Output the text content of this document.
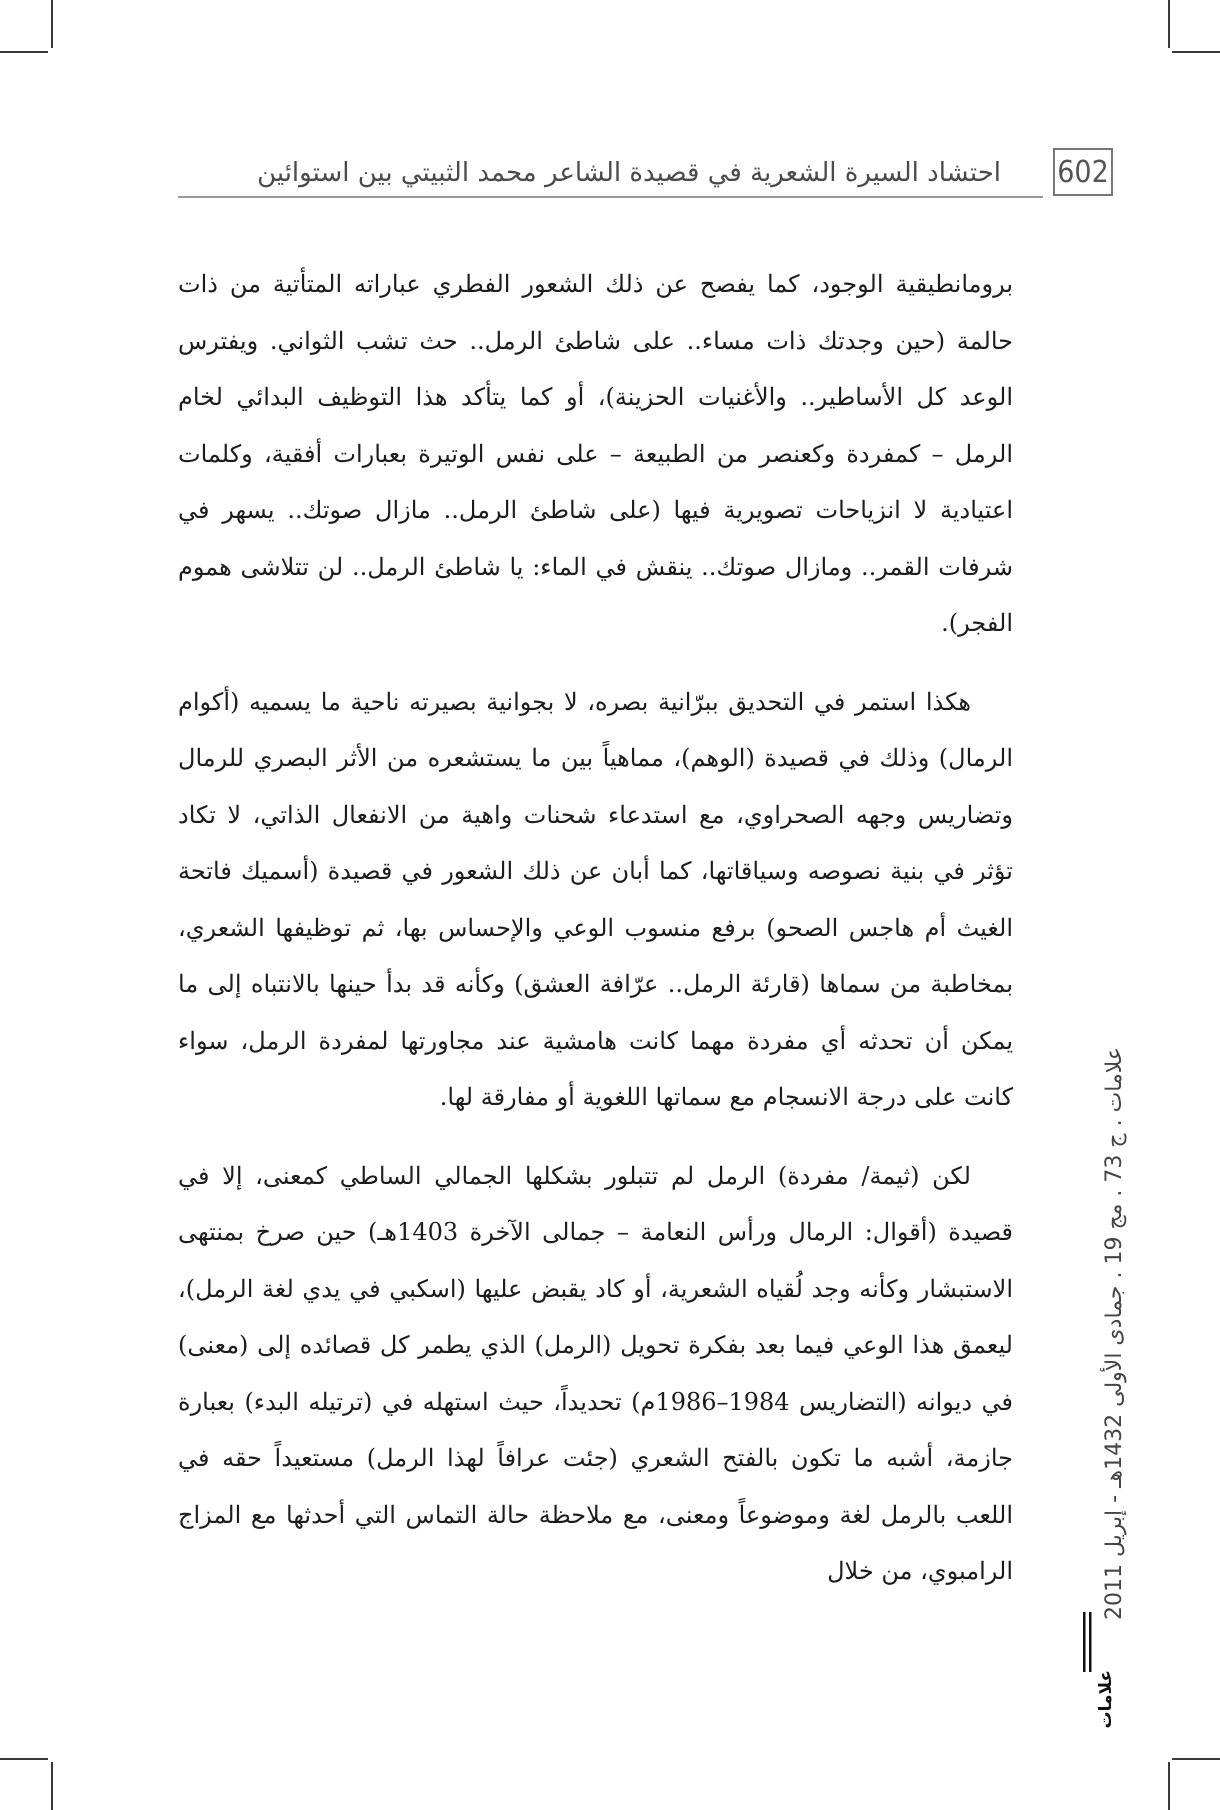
احتشاد السيرة الشعرية في قصيدة الشاعر محمد الثبيتي بين استوائين 602

برومانطيقية الوجود، كما يفصح عن ذلك الشعور الفطري عباراته المتأتية من ذات حالمة (حين وجدتك ذات مساء.. على شاطئ الرمل.. حث تشب الثواني. ويفترس الوعد كل الأساطير.. والأغنيات الحزينة)، أو كما يتأكد هذا التوظيف البدائي لخام الرمل – كمفردة وكعنصر من الطبيعة – على نفس الوتيرة بعبارات أفقية، وكلمات اعتيادية لا انزياحات تصويرية فيها (على شاطئ الرمل.. مازال صوتك.. يسهر في شرفات القمر.. ومازال صوتك.. ينقش في الماء: يا شاطئ الرمل.. لن تتلاشى هموم الفجر).

هكذا استمر في التحديق ببرّانية بصره، لا بجوانية بصيرته ناحية ما يسميه (أكوام الرمال) وذلك في قصيدة (الوهم)، مماهياً بين ما يستشعره من الأثر البصري للرمال وتضاريس وجهه الصحراوي، مع استدعاء شحنات واهية من الانفعال الذاتي، لا تكاد تؤثر في بنية نصوصه وسياقاتها، كما أبان عن ذلك الشعور في قصيدة (أسميك فاتحة الغيث أم هاجس الصحو) برفع منسوب الوعي والإحساس بها، ثم توظيفها الشعري، بمخاطبة من سماها (قارئة الرمل.. عرّافة العشق) وكأنه قد بدأ حينها بالانتباه إلى ما يمكن أن تحدثه أي مفردة مهما كانت هامشية عند مجاورتها لمفردة الرمل، سواء كانت على درجة الانسجام مع سماتها اللغوية أو مفارقة لها.

لكن (ثيمة/ مفردة) الرمل لم تتبلور بشكلها الجمالي الساطي كمعنى، إلا في قصيدة (أقوال: الرمال ورأس النعامة – جمالى الآخرة 1403هـ) حين صرخ بمنتهى الاستبشار وكأنه وجد لُقياه الشعرية، أو كاد يقبض عليها (اسكبي في يدي لغة الرمل)، ليعمق هذا الوعي فيما بعد بفكرة تحويل (الرمل) الذي يطمر كل قصائده إلى (معنى) في ديوانه (التضاريس 1984–1986م) تحديداً، حيث استهله في (ترتيله البدء) بعبارة جازمة، أشبه ما تكون بالفتح الشعري (جئت عرافاً لهذا الرمل) مستعيداً حقه في اللعب بالرمل لغة وموضوعاً ومعنى، مع ملاحظة حالة التماس التي أحدثها مع المزاج الرامبوي، من خلال	علامات . ج 73 . مج 19 . جمادى الأولى 1432هـ - إبريل 2011
علامات
